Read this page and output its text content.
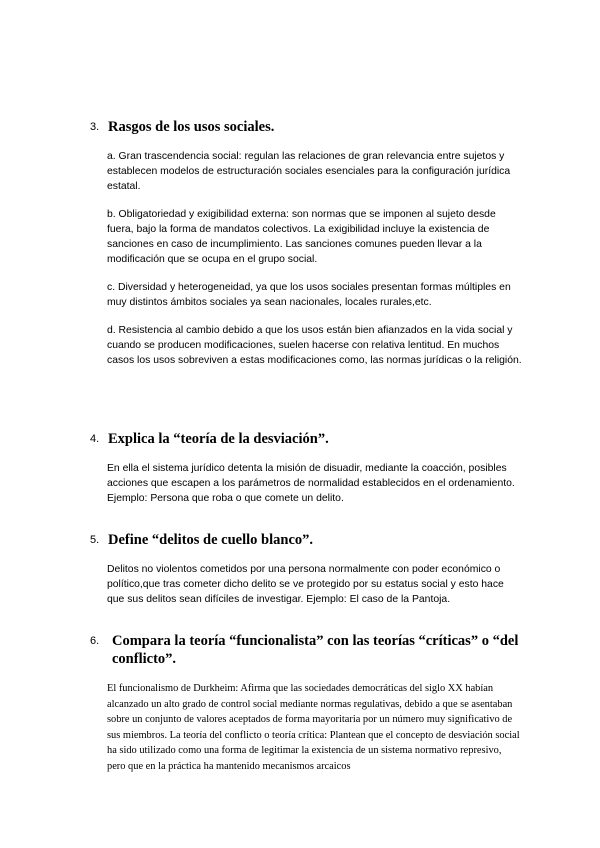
3. Rasgos de los usos sociales.

a. Gran trascendencia social: regulan las relaciones de gran relevancia entre sujetos y establecen modelos de estructuración sociales esenciales para la configuración jurídica estatal.

b. Obligatoriedad y exigibilidad externa: son normas que se imponen al sujeto desde fuera, bajo la forma de mandatos colectivos. La exigibilidad incluye la existencia de sanciones en caso de incumplimiento. Las sanciones comunes pueden llevar a la modificación que se ocupa en el grupo social.

c. Diversidad y heterogeneidad, ya que los usos sociales presentan formas múltiples en muy distintos ámbitos sociales ya sean nacionales, locales rurales,etc.

d. Resistencia al cambio debido a que los usos están bien afianzados en la vida social y cuando se producen modificaciones, suelen hacerse con relativa lentitud. En muchos casos los usos sobreviven a estas modificaciones como, las normas jurídicas o la religión.

4. Explica la “teoría de la desviación”.

En ella el sistema jurídico detenta la misión de disuadir, mediante la coacción, posibles acciones que escapen a los parámetros de normalidad establecidos en el ordenamiento. Ejemplo: Persona que roba o que comete un delito.

5. Define “delitos de cuello blanco”.

Delitos no violentos cometidos por una persona normalmente con poder económico o político,que tras cometer dicho delito se ve protegido por su estatus social y esto hace que sus delitos sean difíciles de investigar. Ejemplo: El caso de la Pantoja.

6. Compara la teoría “funcionalista” con las teorías “críticas” o “del conflicto”.

El funcionalismo de Durkheim: Afirma que las sociedades democráticas del siglo XX habían alcanzado un alto grado de control social mediante normas regulativas, debido a que se asentaban sobre un conjunto de valores aceptados de forma mayoritaria por un número muy significativo de sus miembros. La teoría del conflicto o teoría crítica: Plantean que el concepto de desviación social ha sido utilizado como una forma de legitimar la existencia de un sistema normativo represivo, pero que en la práctica ha mantenido mecanismos arcaicos
